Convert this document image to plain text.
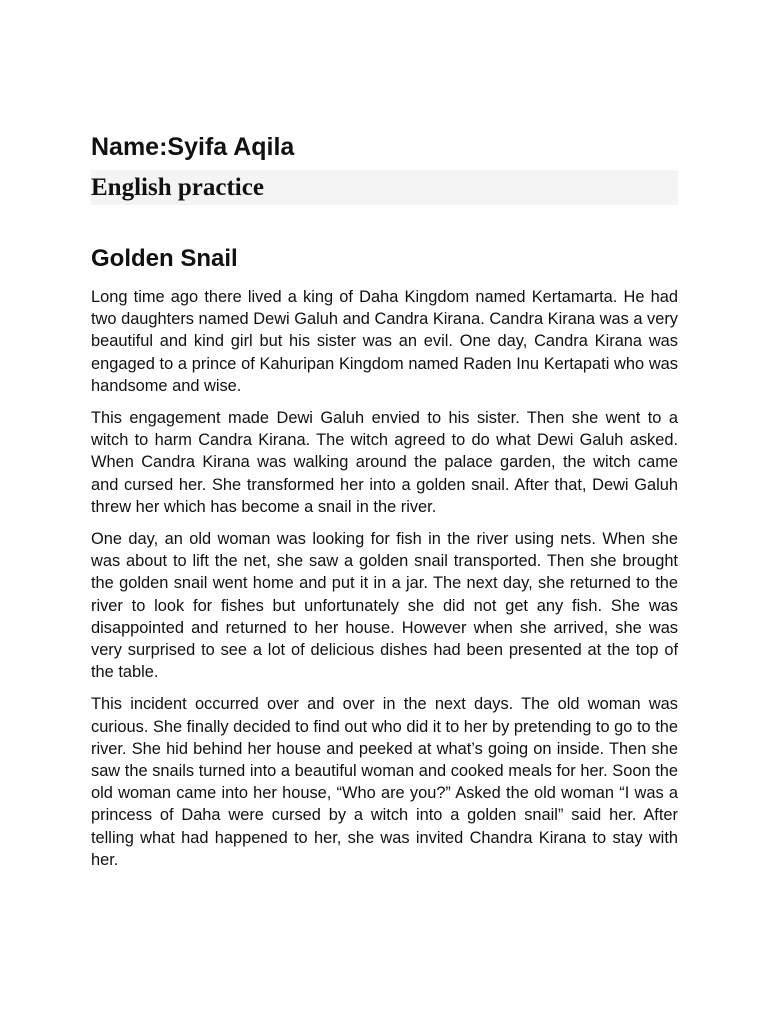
Name:Syifa Aqila
English practice
Golden Snail

Long time ago there lived a king of Daha Kingdom named Kertamarta. He had two daughters named Dewi Galuh and Candra Kirana. Candra Kirana was a very beautiful and kind girl but his sister was an evil. One day, Candra Kirana was engaged to a prince of Kahuripan Kingdom named Raden Inu Kertapati who was handsome and wise.

This engagement made Dewi Galuh envied to his sister. Then she went to a witch to harm Candra Kirana. The witch agreed to do what Dewi Galuh asked. When Candra Kirana was walking around the palace garden, the witch came and cursed her. She transformed her into a golden snail. After that, Dewi Galuh threw her which has become a snail in the river.

One day, an old woman was looking for fish in the river using nets. When she was about to lift the net, she saw a golden snail transported. Then she brought the golden snail went home and put it in a jar. The next day, she returned to the river to look for fishes but unfortunately she did not get any fish. She was disappointed and returned to her house. However when she arrived, she was very surprised to see a lot of delicious dishes had been presented at the top of the table.

This incident occurred over and over in the next days. The old woman was curious. She finally decided to find out who did it to her by pretending to go to the river. She hid behind her house and peeked at what’s going on inside. Then she saw the snails turned into a beautiful woman and cooked meals for her. Soon the old woman came into her house, “Who are you?” Asked the old woman “I was a princess of Daha were cursed by a witch into a golden snail” said her. After telling what had happened to her, she was invited Chandra Kirana to stay with her.
